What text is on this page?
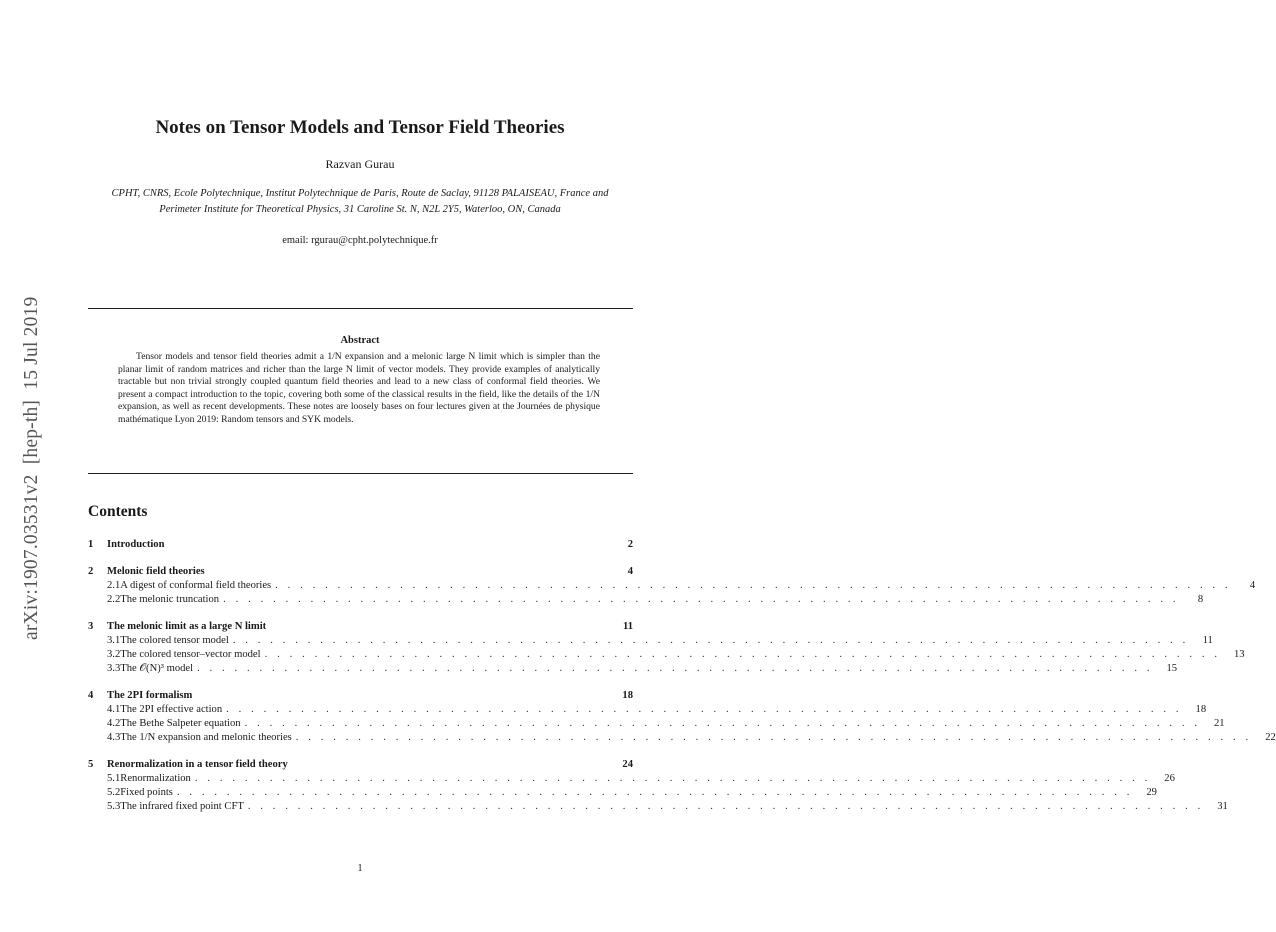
arXiv:1907.03531v2  [hep-th]  15 Jul 2019
Notes on Tensor Models and Tensor Field Theories
Razvan Gurau
CPHT, CNRS, Ecole Polytechnique, Institut Polytechnique de Paris, Route de Saclay, 91128 PALAISEAU, France and Perimeter Institute for Theoretical Physics, 31 Caroline St. N, N2L 2Y5, Waterloo, ON, Canada
email: rgurau@cpht.polytechnique.fr
Abstract
Tensor models and tensor field theories admit a 1/N expansion and a melonic large N limit which is simpler than the planar limit of random matrices and richer than the large N limit of vector models. They provide examples of analytically tractable but non trivial strongly coupled quantum field theories and lead to a new class of conformal field theories. We present a compact introduction to the topic, covering both some of the classical results in the field, like the details of the 1/N expansion, as well as recent developments. These notes are loosely bases on four lectures given at the Journées de physique mathématique Lyon 2019: Random tensors and SYK models.
Contents
1	Introduction	2
2	Melonic field theories	4
2.1 A digest of conformal field theories . . . . . . . . . . . . . . . . . . . . . . . . . . . . . . . . . . . . . . . . . . . . . . . . . . . . . . . . . . . . . . . . . . . . . . . . . . . . .	4
2.2 The melonic truncation . . . . . . . . . . . . . . . . . . . . . . . . . . . . . . . . . . . . . . . . . . . . . . . . . . . . . . . . . . . . . . . . . . . . . . . . . . . . .	8
3	The melonic limit as a large N limit	11
3.1 The colored tensor model . . . . . . . . . . . . . . . . . . . . . . . . . . . . . . . . . . . . . . . . . . . . . . . . . . . . . . . . . . . . . . . . . . . . . . . . . . . . .	11
3.2 The colored tensor–vector model . . . . . . . . . . . . . . . . . . . . . . . . . . . . . . . . . . . . . . . . . . . . . . . . . . . . . . . . . . . . . . . . . . . . . . . . . . . . .	13
3.3 The 𝒪(N)³ model . . . . . . . . . . . . . . . . . . . . . . . . . . . . . . . . . . . . . . . . . . . . . . . . . . . . . . . . . . . . . . . . . . . . . . . . . . . . .	15
4	The 2PI formalism	18
4.1 The 2PI effective action . . . . . . . . . . . . . . . . . . . . . . . . . . . . . . . . . . . . . . . . . . . . . . . . . . . . . . . . . . . . . . . . . . . . . . . . . . . . .	18
4.2 The Bethe Salpeter equation . . . . . . . . . . . . . . . . . . . . . . . . . . . . . . . . . . . . . . . . . . . . . . . . . . . . . . . . . . . . . . . . . . . . . . . . . . . . .	21
4.3 The 1/N expansion and melonic theories . . . . . . . . . . . . . . . . . . . . . . . . . . . . . . . . . . . . . . . . . . . . . . . . . . . . . . . . . . . . . . . . . . . . . . . . . . . . .	22
5	Renormalization in a tensor field theory	24
5.1 Renormalization . . . . . . . . . . . . . . . . . . . . . . . . . . . . . . . . . . . . . . . . . . . . . . . . . . . . . . . . . . . . . . . . . . . . . . . . . . . . .	26
5.2 Fixed points . . . . . . . . . . . . . . . . . . . . . . . . . . . . . . . . . . . . . . . . . . . . . . . . . . . . . . . . . . . . . . . . . . . . . . . . . . . . .	29
5.3 The infrared fixed point CFT . . . . . . . . . . . . . . . . . . . . . . . . . . . . . . . . . . . . . . . . . . . . . . . . . . . . . . . . . . . . . . . . . . . . . . . . . . . . .	31
1
